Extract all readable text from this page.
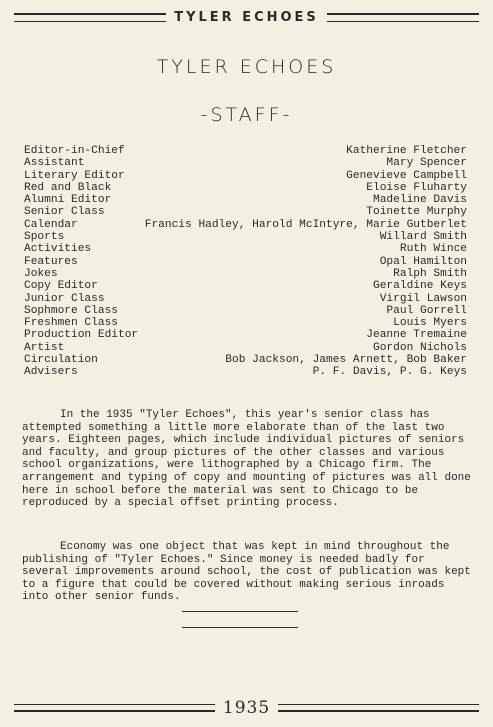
TYLER ECHOES
TYLER ECHOES
-STAFF-
Editor-in-Chief	Katherine Fletcher
Assistant	Mary Spencer
Literary Editor	Genevieve Campbell
Red and Black	Eloise Fluharty
Alumni Editor	Madeline Davis
Senior Class	Toinette Murphy
Calendar	Francis Hadley, Harold McIntyre, Marie Gutberlet
Sports	Willard Smith
Activities	Ruth Wince
Features	Opal Hamilton
Jokes	Ralph Smith
Copy Editor	Geraldine Keys
Junior Class	Virgil Lawson
Sophmore Class	Paul Gorrell
Freshmen Class	Louis Myers
Production Editor	Jeanne Tremaine
Artist	Gordon Nichols
Circulation	Bob Jackson, James Arnett, Bob Baker
Advisers	P. F. Davis, P. G. Keys

In the 1935 "Tyler Echoes", this year's senior class has attempted something a little more elaborate than of the last two years. Eighteen pages, which include individual pictures of seniors and faculty, and group pictures of the other classes and various school organizations, were lithographed by a Chicago firm. The arrangement and typing of copy and mounting of pictures was all done here in school before the material was sent to Chicago to be reproduced by a special offset printing process.

Economy was one object that was kept in mind throughout the publishing of "Tyler Echoes." Since money is needed badly for several improvements around school, the cost of publication was kept to a figure that could be covered without making serious inroads into other senior funds.

1935
